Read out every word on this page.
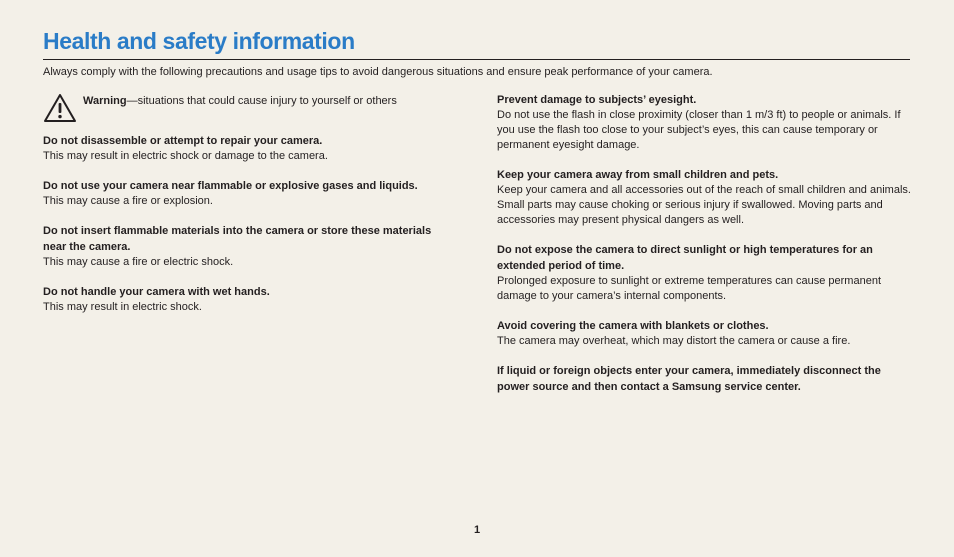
Health and safety information

Always comply with the following precautions and usage tips to avoid dangerous situations and ensure peak performance of your camera.

Warning—situations that could cause injury to yourself or others

Do not disassemble or attempt to repair your camera.

This may result in electric shock or damage to the camera.

Do not use your camera near flammable or explosive gases and liquids.

This may cause a fire or explosion.

Do not insert flammable materials into the camera or store these materials near the camera.

This may cause a fire or electric shock.

Do not handle your camera with wet hands.

This may result in electric shock.

Prevent damage to subjects’ eyesight.

Do not use the flash in close proximity (closer than 1 m/3 ft) to people or animals. If you use the flash too close to your subject’s eyes, this can cause temporary or permanent eyesight damage.

Keep your camera away from small children and pets.

Keep your camera and all accessories out of the reach of small children and animals. Small parts may cause choking or serious injury if swallowed. Moving parts and accessories may present physical dangers as well.

Do not expose the camera to direct sunlight or high temperatures for an extended period of time.

Prolonged exposure to sunlight or extreme temperatures can cause permanent damage to your camera’s internal components.

Avoid covering the camera with blankets or clothes.

The camera may overheat, which may distort the camera or cause a fire.

If liquid or foreign objects enter your camera, immediately disconnect the power source and then contact a Samsung service center.

1
